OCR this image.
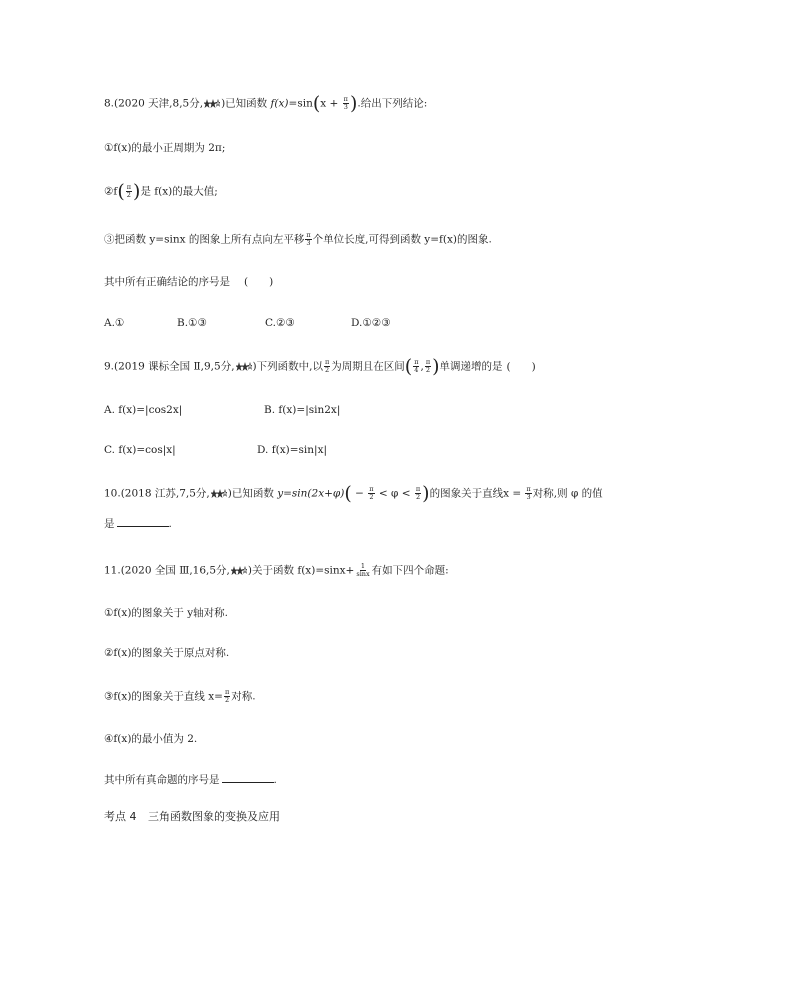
8.(2020 天津,8,5分, )已知函数 $f(x)=\sin(x + \frac{\pi}{3}$ ).给出下列结论:
①f(x)的最小正周期为 2π;
②f( $\frac{\pi}{2}$ )是 f(x)的最大值;
③把函数 y=sinx 的图象上所有点向左平移 $\frac{\pi}{3}$ 个单位长度,可得到函数 y=f(x)的图象.
其中所有正确结论的序号是 (　　)
A.①	B.①③	C.②③	D.①②③
9.(2019 课标全国 Ⅱ,9,5分, )下列函数中,以 $\frac{\pi}{2}$ 为周期且在区间( $\frac{\pi}{4}$ , $\frac{\pi}{2}$ )单调递增的是 (　　)
A. f(x)=|cos2x|	B. f(x)=|sin2x|
C. f(x)=cos|x|	D. f(x)=sin|x|
10.(2018 江苏,7,5分, )已知函数 $y=\sin(2x+\varphi)( - \frac{\pi}{2} < \varphi < \frac{\pi}{2}$ )的图象关于直线$x = \frac{\pi}{3}$ 对称,则 φ 的值
是	.
11.(2020 全国 Ⅲ,16,5分, )关于函数 $f(x)=\sin x+ \frac{1}{\sin x}$ 有如下四个命题:
①f(x)的图象关于 y轴对称.
②f(x)的图象关于原点对称.
③f(x)的图象关于直线 $x= \frac{\pi}{2}$ 对称.
④f(x)的最小值为 2.
其中所有真命题的序号是	.
考点 4 三角函数图象的变换及应用
